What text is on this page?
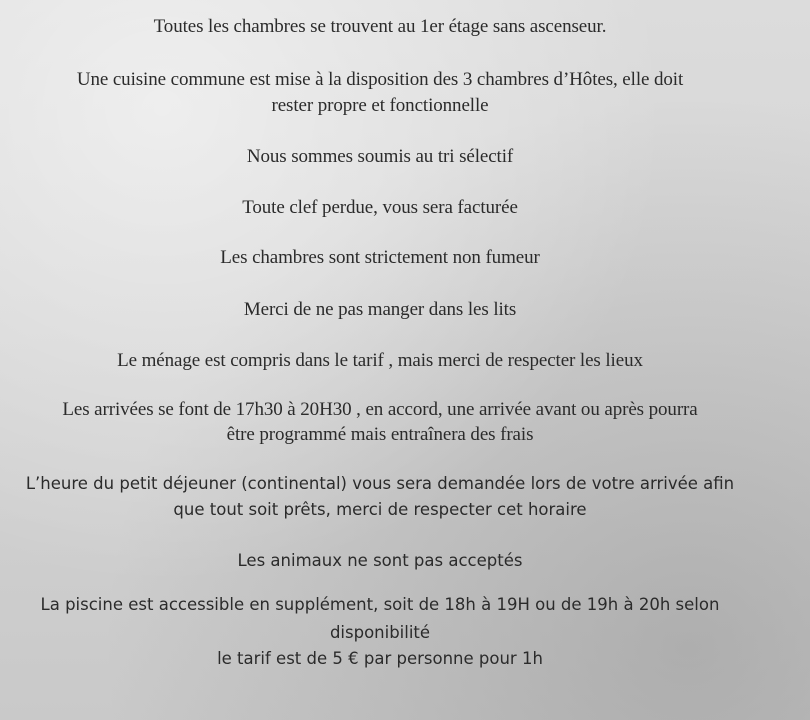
Toutes les chambres se trouvent au 1er étage sans ascenseur.
Une cuisine commune est mise à la disposition des 3 chambres d’Hôtes, elle doit
rester propre et fonctionnelle
Nous sommes soumis au tri sélectif
Toute clef perdue, vous sera facturée
Les chambres sont strictement non fumeur
Merci de ne pas manger dans les lits
Le ménage est compris dans le tarif , mais merci de respecter les lieux
Les arrivées se font de 17h30 à 20H30 , en accord, une arrivée avant ou après pourra
être programmé mais entraînera des frais
L’heure du petit déjeuner (continental) vous sera demandée lors de votre arrivée afin
que tout soit prêts, merci de respecter cet horaire
Les animaux ne sont pas acceptés
La piscine est accessible en supplément, soit de 18h à 19H ou de 19h à 20h selon
disponibilité
le tarif est de 5 € par personne pour 1h
